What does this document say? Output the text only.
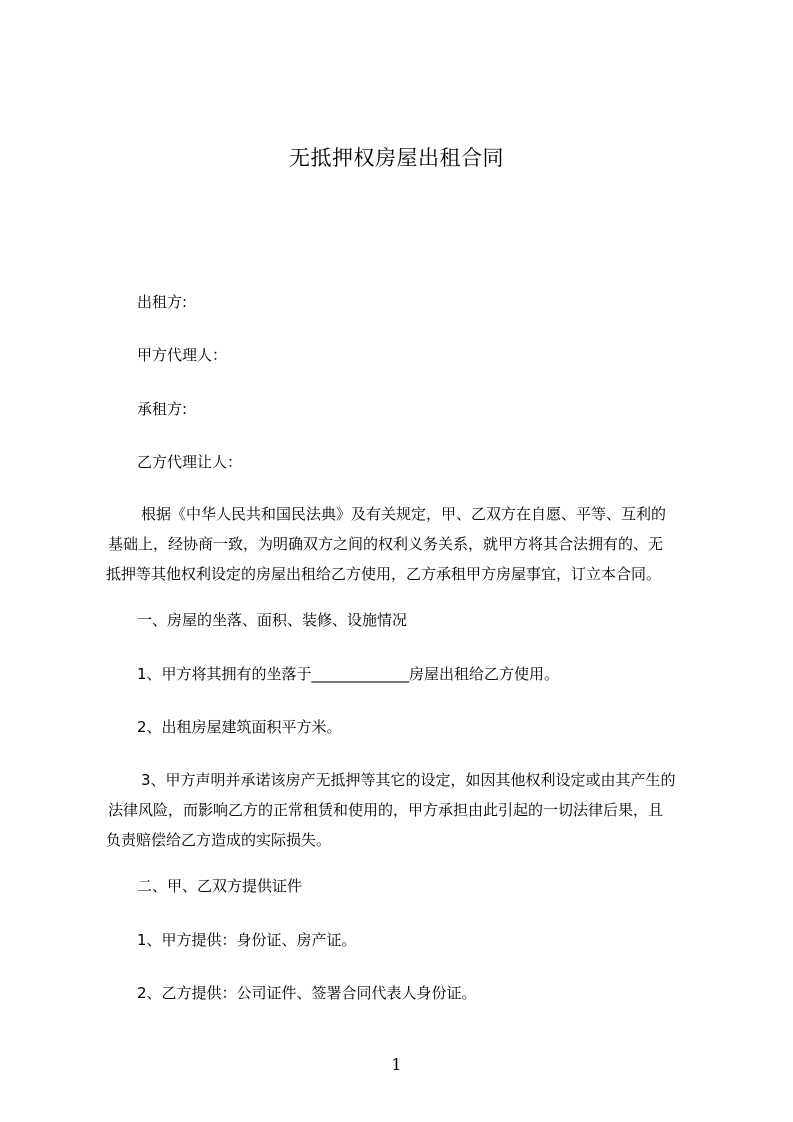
无抵押权房屋出租合同
出租方:
甲方代理人：
承租方:
乙方代理让人：
根据《中华人民共和国民法典》及有关规定，甲、乙双方在自愿、平等、互利的
基础上，经协商一致，为明确双方之间的权利义务关系，就甲方将其合法拥有的、无
抵押等其他权利设定的房屋出租给乙方使用，乙方承租甲方房屋事宜，订立本合同。
一、房屋的坐落、面积、装修、设施情况
1、甲方将其拥有的坐落于_____________房屋出租给乙方使用。
2、出租房屋建筑面积平方米。
3、甲方声明并承诺该房产无抵押等其它的设定，如因其他权利设定或由其产生的
法律风险，而影响乙方的正常租赁和使用的，甲方承担由此引起的一切法律后果，且
负责赔偿给乙方造成的实际损失。
二、甲、乙双方提供证件
1、甲方提供：身份证、房产证。
2、乙方提供：公司证件、签署合同代表人身份证。
1
